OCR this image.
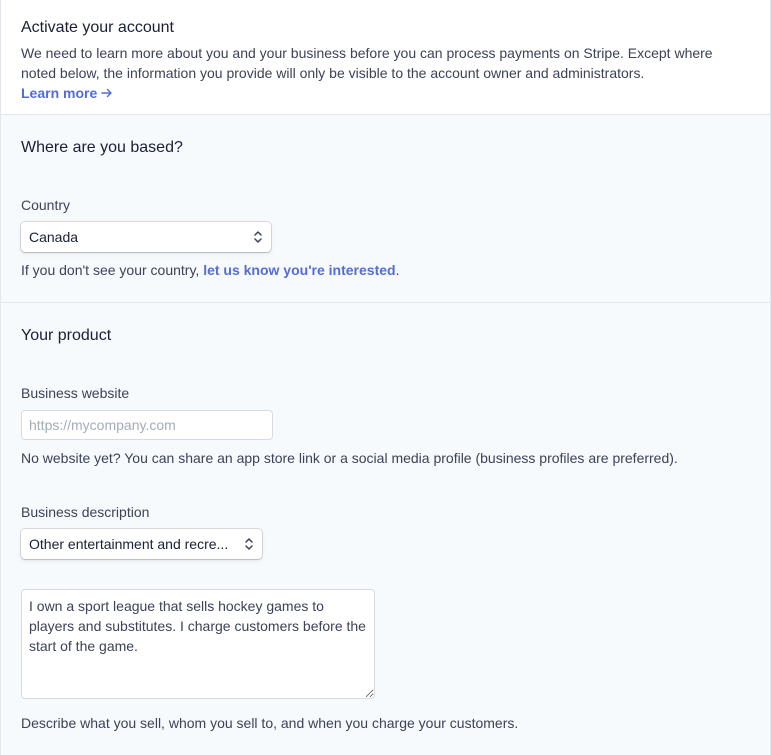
Activate your account

We need to learn more about you and your business before you can process payments on Stripe. Except where noted below, the information you provide will only be visible to the account owner and administrators.

Learn more
Where are you based?
Country
Canada
If you don't see your country, let us know you're interested.
Your product
Business website
https://mycompany.com
No website yet? You can share an app store link or a social media profile (business profiles are preferred).
Business description
Other entertainment and recre...
I own a sport league that sells hockey games to players and substitutes. I charge customers before the start of the game.
Describe what you sell, whom you sell to, and when you charge your customers.
